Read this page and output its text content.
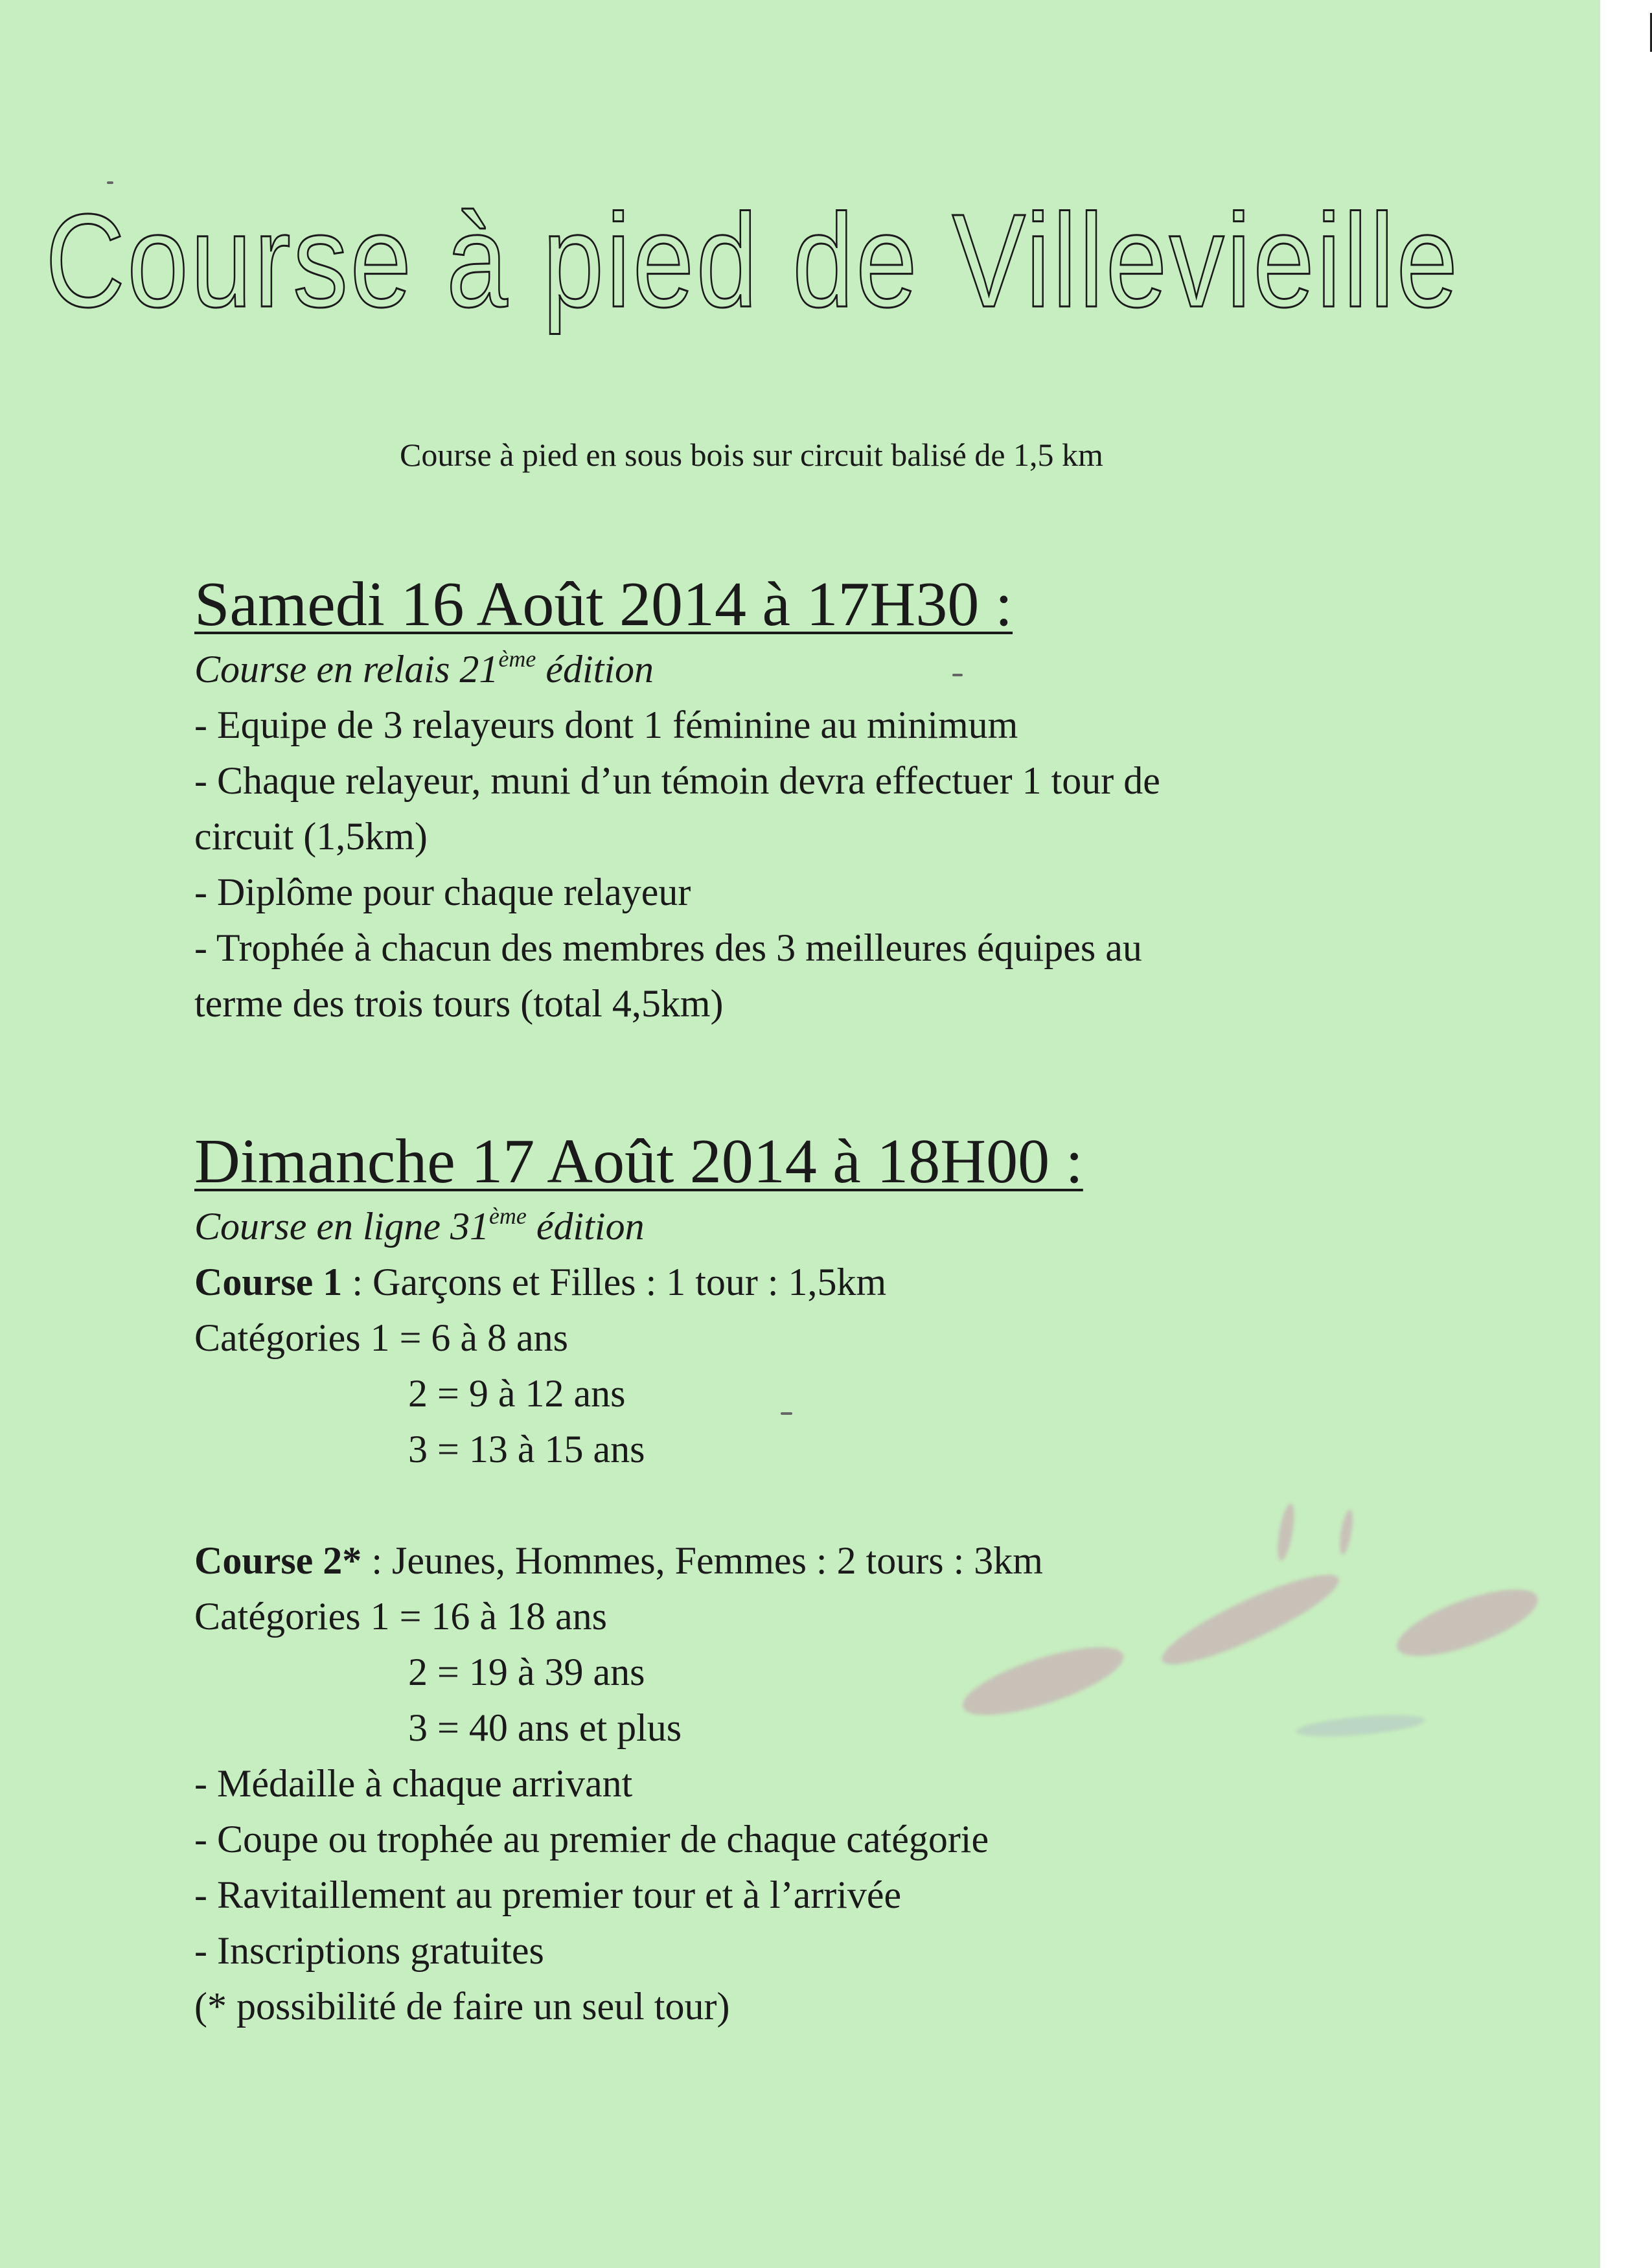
Course à pied de Villevieille
Course à pied en sous bois sur circuit balisé de 1,5 km
Samedi 16 Août 2014 à 17H30 :
Course en relais 21ème édition
- Equipe de 3 relayeurs dont 1 féminine au minimum
- Chaque relayeur, muni d’un témoin devra effectuer 1 tour de
circuit (1,5km)
- Diplôme pour chaque relayeur
- Trophée à chacun des membres des 3 meilleures équipes au
terme des trois tours (total 4,5km)
Dimanche 17 Août 2014 à 18H00 :
Course en ligne 31ème édition
Course 1 : Garçons et Filles : 1 tour : 1,5km
Catégories 1 = 6 à 8 ans
2 = 9 à 12 ans
3 = 13 à 15 ans
Course 2* : Jeunes, Hommes, Femmes : 2 tours : 3km
Catégories 1 = 16 à 18 ans
2 = 19 à 39 ans
3 = 40 ans et plus
- Médaille à chaque arrivant
- Coupe ou trophée au premier de chaque catégorie
- Ravitaillement au premier tour et à l’arrivée
- Inscriptions gratuites
(* possibilité de faire un seul tour)
